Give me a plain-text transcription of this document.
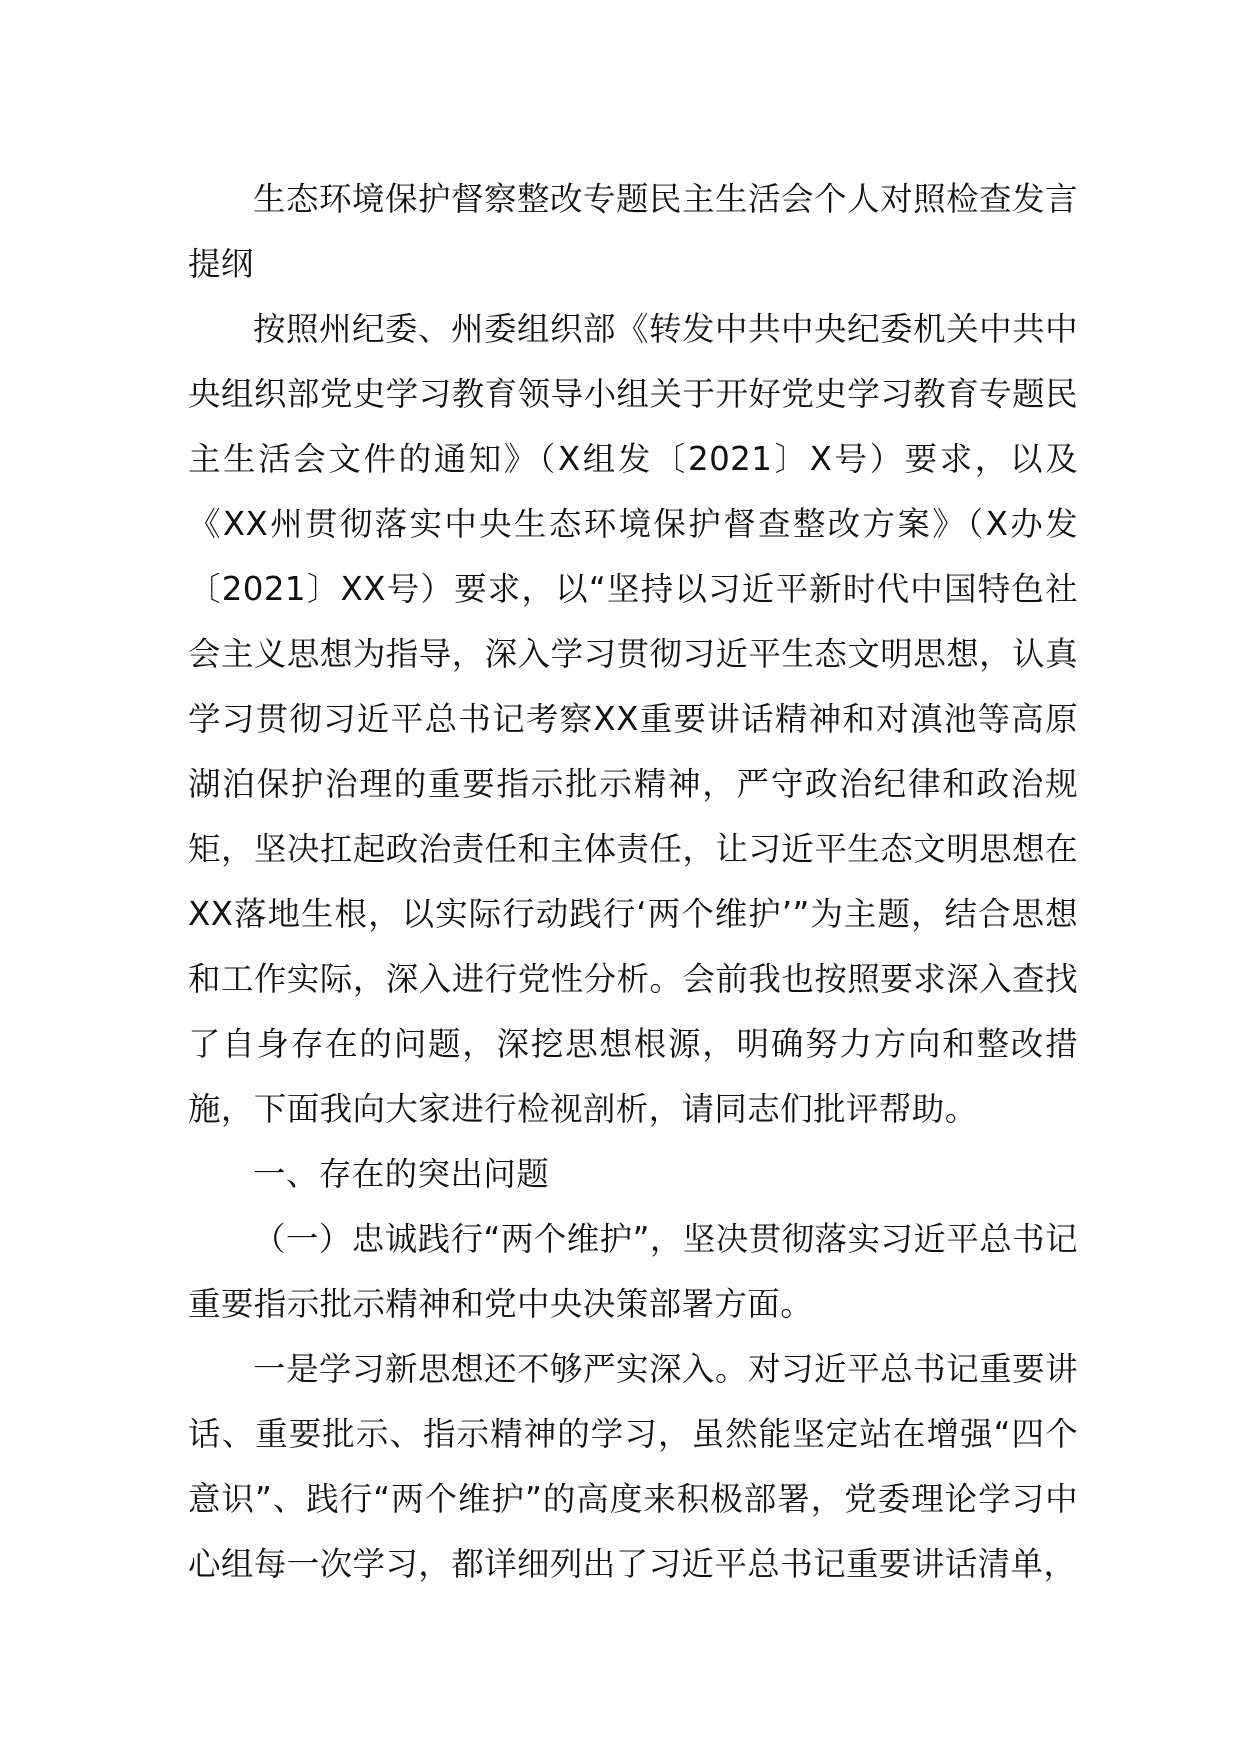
生态环境保护督察整改专题民主生活会个人对照检查发言提纲

按照州纪委、州委组织部《转发中共中央纪委机关中共中央组织部党史学习教育领导小组关于开好党史学习教育专题民主生活会文件的通知》（X组发〔2021〕X号）要求，以及《XX州贯彻落实中央生态环境保护督查整改方案》（X办发〔2021〕XX号）要求，以“坚持以习近平新时代中国特色社会主义思想为指导，深入学习贯彻习近平生态文明思想，认真学习贯彻习近平总书记考察XX重要讲话精神和对滇池等高原湖泊保护治理的重要指示批示精神，严守政治纪律和政治规矩，坚决扛起政治责任和主体责任，让习近平生态文明思想在XX落地生根，以实际行动践行‘两个维护’”为主题，结合思想和工作实际，深入进行党性分析。会前我也按照要求深入查找了自身存在的问题，深挖思想根源，明确努力方向和整改措施，下面我向大家进行检视剖析，请同志们批评帮助。

一、存在的突出问题

（一）忠诚践行“两个维护”，坚决贯彻落实习近平总书记重要指示批示精神和党中央决策部署方面。

一是学习新思想还不够严实深入。对习近平总书记重要讲话、重要批示、指示精神的学习，虽然能坚定站在增强“四个意识”、践行“两个维护”的高度来积极部署，党委理论学习中心组每一次学习，都详细列出了习近平总书记重要讲话清单，
